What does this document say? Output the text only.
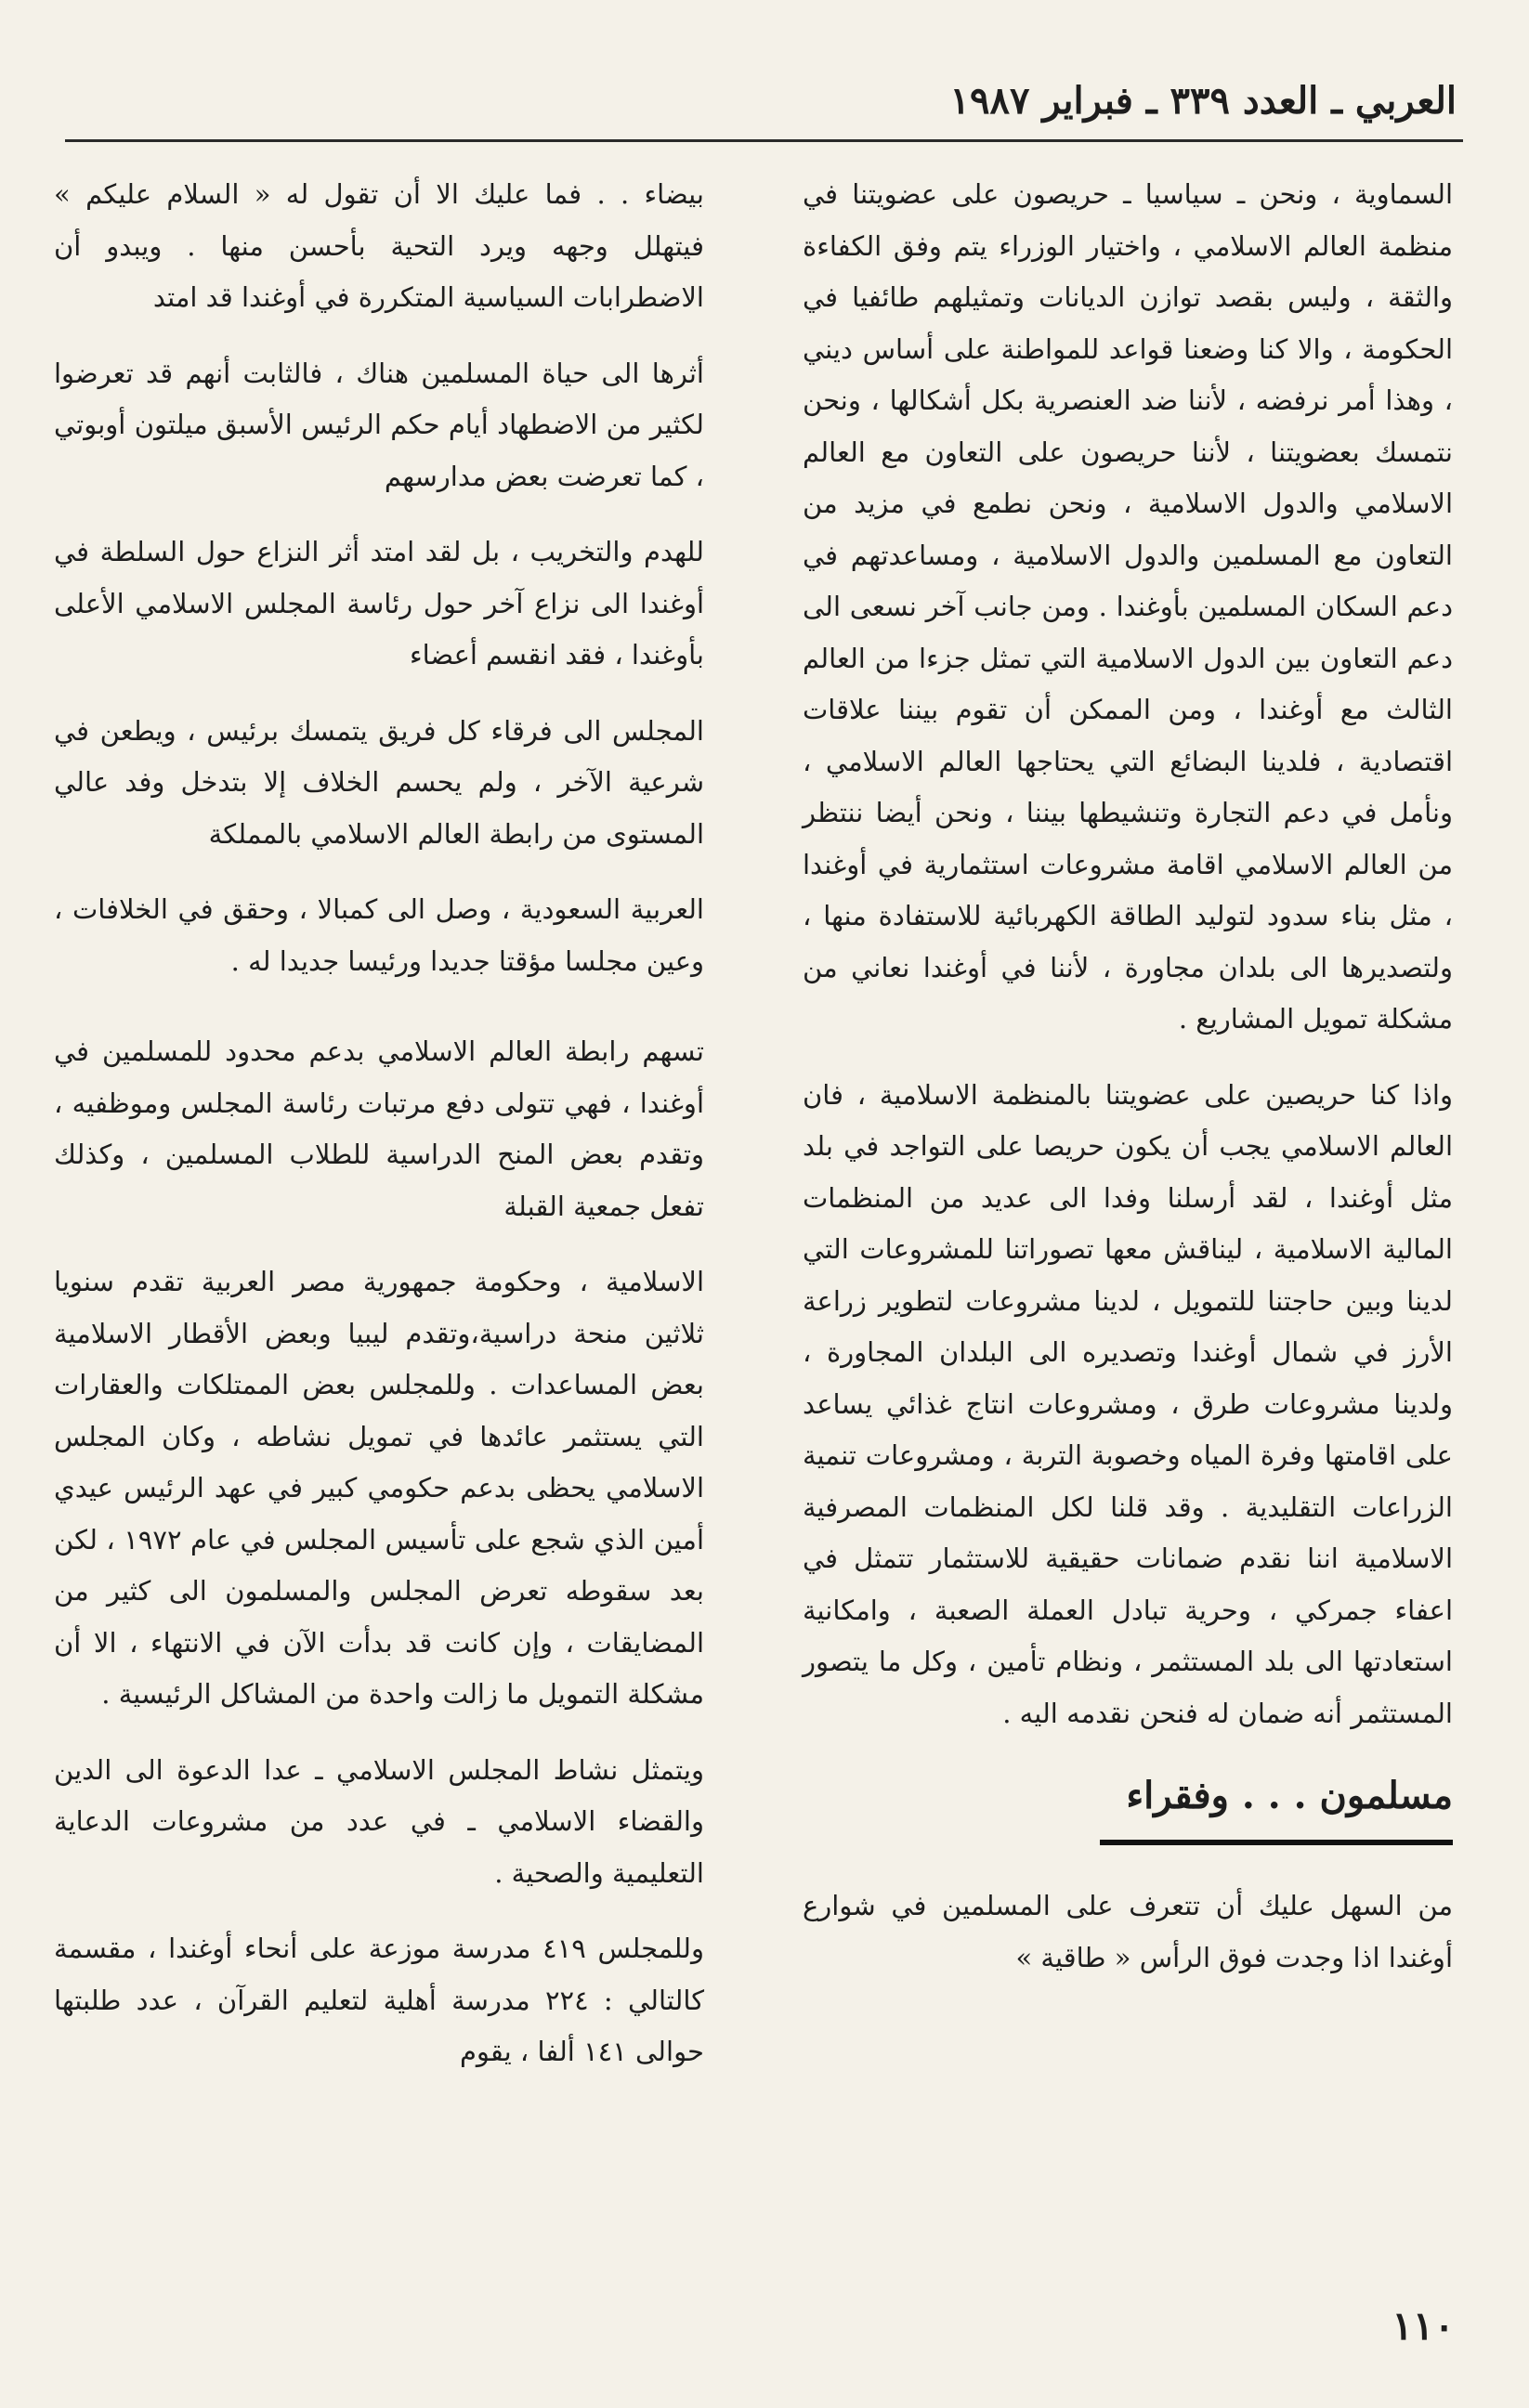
العربي ـ العدد ٣٣٩ ـ فبراير ١٩٨٧

السماوية ، ونحن ـ سياسيا ـ حريصون على عضويتنا في منظمة العالم الاسلامي ، واختيار الوزراء يتم وفق الكفاءة والثقة ، وليس بقصد توازن الديانات وتمثيلهم طائفيا في الحكومة ، والا كنا وضعنا قواعد للمواطنة على أساس ديني ، وهذا أمر نرفضه ، لأننا ضد العنصرية بكل أشكالها ، ونحن نتمسك بعضويتنا ، لأننا حريصون على التعاون مع العالم الاسلامي والدول الاسلامية ، ونحن نطمع في مزيد من التعاون مع المسلمين والدول الاسلامية ، ومساعدتهم في دعم السكان المسلمين بأوغندا . ومن جانب آخر نسعى الى دعم التعاون بين الدول الاسلامية التي تمثل جزءا من العالم الثالث مع أوغندا ، ومن الممكن أن تقوم بيننا علاقات اقتصادية ، فلدينا البضائع التي يحتاجها العالم الاسلامي ، ونأمل في دعم التجارة وتنشيطها بيننا ، ونحن أيضا ننتظر من العالم الاسلامي اقامة مشروعات استثمارية في أوغندا ، مثل بناء سدود لتوليد الطاقة الكهربائية للاستفادة منها ، ولتصديرها الى بلدان مجاورة ، لأننا في أوغندا نعاني من مشكلة تمويل المشاريع .

واذا كنا حريصين على عضويتنا بالمنظمة الاسلامية ، فان العالم الاسلامي يجب أن يكون حريصا على التواجد في بلد مثل أوغندا ، لقد أرسلنا وفدا الى عديد من المنظمات المالية الاسلامية ، ليناقش معها تصوراتنا للمشروعات التي لدينا وبين حاجتنا للتمويل ، لدينا مشروعات لتطوير زراعة الأرز في شمال أوغندا وتصديره الى البلدان المجاورة ، ولدينا مشروعات طرق ، ومشروعات انتاج غذائي يساعد على اقامتها وفرة المياه وخصوبة التربة ، ومشروعات تنمية الزراعات التقليدية . وقد قلنا لكل المنظمات المصرفية الاسلامية اننا نقدم ضمانات حقيقية للاستثمار تتمثل في اعفاء جمركي ، وحرية تبادل العملة الصعبة ، وامكانية استعادتها الى بلد المستثمر ، ونظام تأمين ، وكل ما يتصور المستثمر أنه ضمان له فنحن نقدمه اليه .

مسلمون . . . وفقراء

من السهل عليك أن تتعرف على المسلمين في شوارع أوغندا اذا وجدت فوق الرأس « طاقية »

بيضاء . . فما عليك الا أن تقول له « السلام عليكم » فيتهلل وجهه ويرد التحية بأحسن منها . ويبدو أن الاضطرابات السياسية المتكررة في أوغندا قد امتد

أثرها الى حياة المسلمين هناك ، فالثابت أنهم قد تعرضوا لكثير من الاضطهاد أيام حكم الرئيس الأسبق ميلتون أوبوتي ، كما تعرضت بعض مدارسهم

للهدم والتخريب ، بل لقد امتد أثر النزاع حول السلطة في أوغندا الى نزاع آخر حول رئاسة المجلس الاسلامي الأعلى بأوغندا ، فقد انقسم أعضاء

المجلس الى فرقاء كل فريق يتمسك برئيس ، ويطعن في شرعية الآخر ، ولم يحسم الخلاف إلا بتدخل وفد عالي المستوى من رابطة العالم الاسلامي بالمملكة

العربية السعودية ، وصل الى كمبالا ، وحقق في الخلافات ، وعين مجلسا مؤقتا جديدا ورئيسا جديدا له .

تسهم رابطة العالم الاسلامي بدعم محدود للمسلمين في أوغندا ، فهي تتولى دفع مرتبات رئاسة المجلس وموظفيه ، وتقدم بعض المنح الدراسية للطلاب المسلمين ، وكذلك تفعل جمعية القبلة

الاسلامية ، وحكومة جمهورية مصر العربية تقدم سنويا ثلاثين منحة دراسية،وتقدم ليبيا وبعض الأقطار الاسلامية بعض المساعدات . وللمجلس بعض الممتلكات والعقارات التي يستثمر عائدها في تمويل نشاطه ، وكان المجلس الاسلامي يحظى بدعم حكومي كبير في عهد الرئيس عيدي أمين الذي شجع على تأسيس المجلس في عام ١٩٧٢ ، لكن بعد سقوطه تعرض المجلس والمسلمون الى كثير من المضايقات ، وإن كانت قد بدأت الآن في الانتهاء ، الا أن مشكلة التمويل ما زالت واحدة من المشاكل الرئيسية .

ويتمثل نشاط المجلس الاسلامي ـ عدا الدعوة الى الدين والقضاء الاسلامي ـ في عدد من مشروعات الدعاية التعليمية والصحية .

وللمجلس ٤١٩ مدرسة موزعة على أنحاء أوغندا ، مقسمة كالتالي : ٢٢٤ مدرسة أهلية لتعليم القرآن ، عدد طلبتها حوالى ١٤١ ألفا ، يقوم

١١٠
